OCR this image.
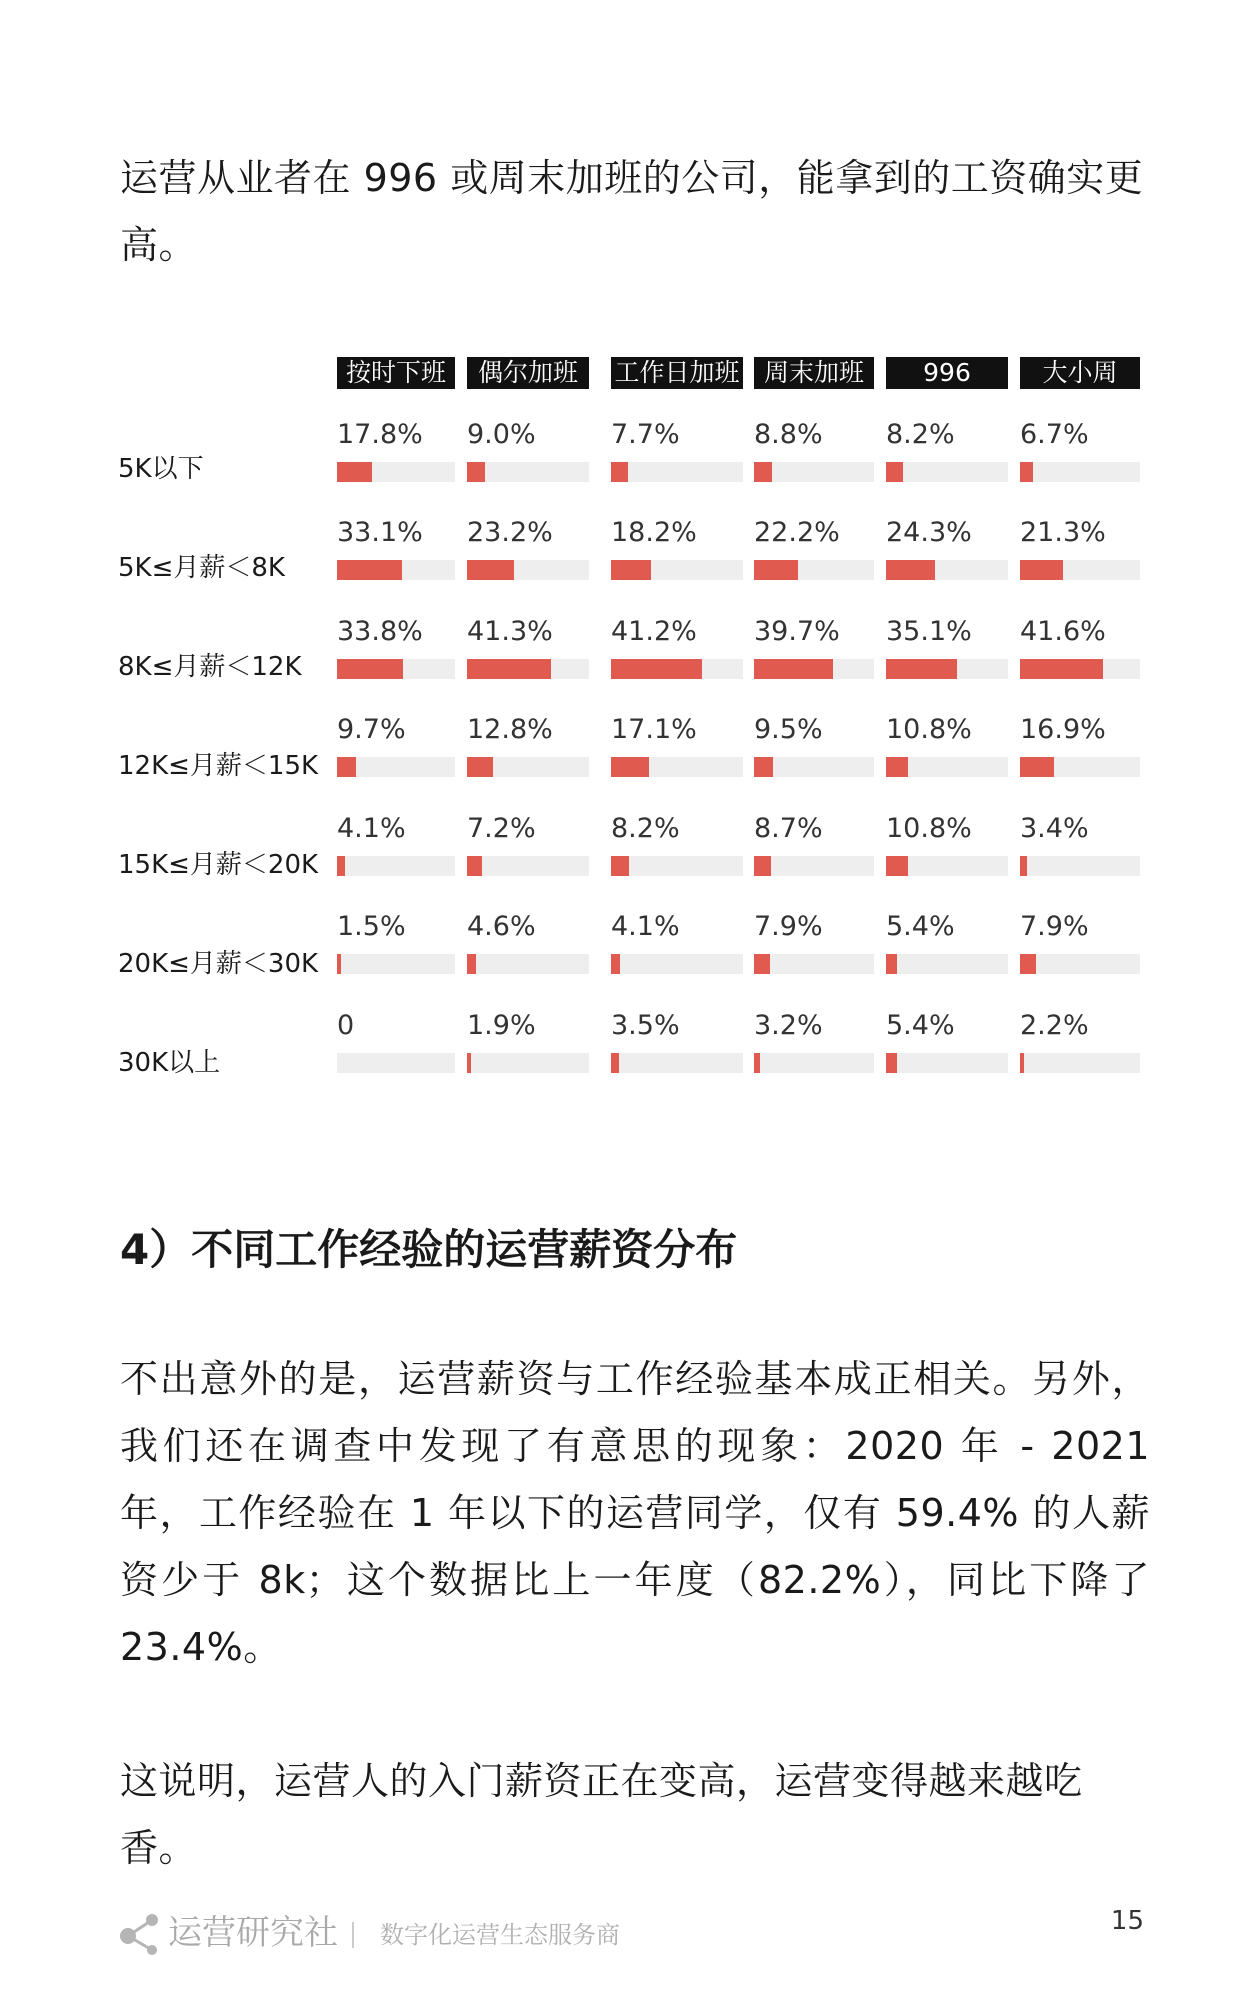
运营从业者在 996 或周末加班的公司，能拿到的工资确实更高。

按时下班	偶尔加班	工作日加班 周末加班	996	大小周
5K以下
17.8% 9.0%	7.7%	8.8% 8.2% 6.7%
5K≤月薪＜8K
33.1% 23.2% 18.2% 22.2% 24.3% 21.3%
8K≤月薪＜12K
33.8% 41.3% 41.2% 39.7% 35.1% 41.6%
12K≤月薪＜15K
9.7% 12.8% 17.1% 9.5% 10.8% 16.9%
15K≤月薪＜20K
4.1% 7.2%	8.2%	8.7% 10.8% 3.4%
20K≤月薪＜30K
1.5% 4.6%	4.1%	7.9% 5.4% 7.9%
30K以上
0	1.9%	3.5%	3.2% 5.4% 2.2%
4）不同工作经验的运营薪资分布

不出意外的是，运营薪资与工作经验基本成正相关。另外，我们还在调查中发现了有意思的现象：2020 年 - 2021 年，工作经验在 1 年以下的运营同学，仅有 59.4% 的人薪资少于 8k；这个数据比上一年度（82.2%），同比下降了 23.4%。

这说明，运营人的入门薪资正在变高，运营变得越来越吃香。

运营研究社 数字化运营生态服务商	15
